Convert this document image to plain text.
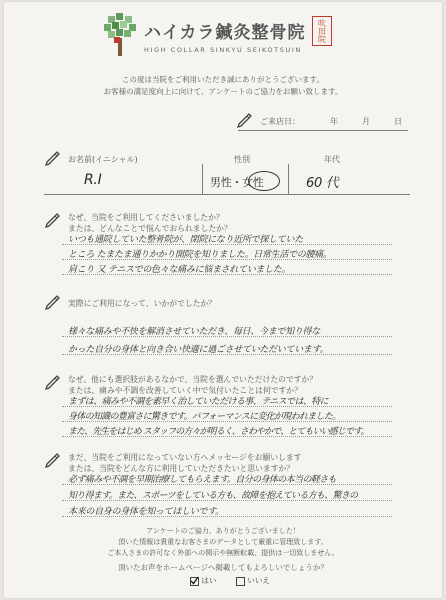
ハイカラ鍼灸整骨院	吹田院
HIGH COLLAR SINKYU SEIKOTSUIN
この度は当院をご利用いただき誠にありがとうございます。
お客様の満足度向上に向けて、アンケートのご協力をお願い致します。
ご来店日：	年	月	日
お名前(イニシャル)	性別	年代
R.I	男性・女性	60 代
なぜ、当院をご利用してくださいましたか？
または、どんなことで悩んでおられましたか？
いつも通院していた整骨院が、閉院になり近所で探していた
ところ たまたま通りかかり開院を知りました。日常生活での腰痛。
肩こり 又 テニスでの色々な痛みに悩まされていました。
実際にご利用になって、いかがでしたか？
様々な痛みや不快を解消させていただき、毎日、今まで知り得な
かった自分の身体と向き合い快適に過ごさせていただいています。
なぜ、他にも選択肢があるなかで、当院を選んでいただけたのですか？
または、痛みや不調を改善していく中で気付いたことは何ですか？
まずは、痛みや不調を素早く治していただける事、テニスでは、特に
身体の知識の豊富さに驚きです。パフォーマンスに変化が現われました。
また、先生をはじめ スタッフの方々が明るく、さわやかで、とてもいい感じです。
まだ、当院をご利用になっていない方へメッセージをお願いします
または、当院をどんな方に利用していただきたいと思いますか？
必ず痛みや不調を早期治療してもらえます。自分の身体の本当の軽さも
知り得ます。また、スポーツをしている方も、故障を抱えている方も、驚きの
本来の自身の身体を知ってほしいです。
アンケートのご協力、ありがとうございました！
頂いた情報は貴重なお客さまのデータとして厳重に管理致します。
ご本人さまの許可なく外部への開示や無断転載、提供は一切致しません。
頂いたお声をホームページへ掲載してもよろしいでしょうか？
はい	いいえ
